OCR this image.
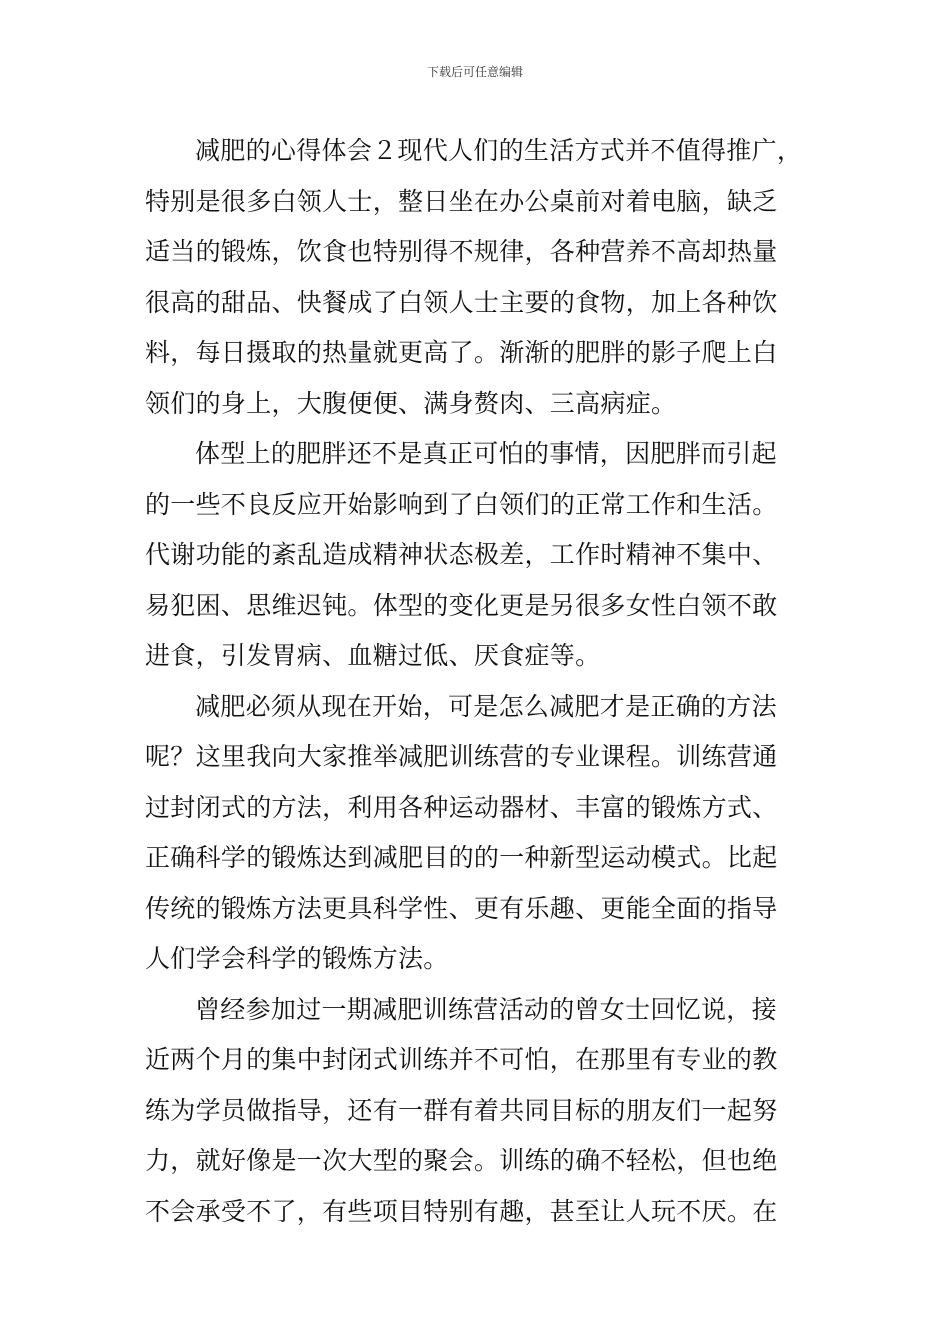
下载后可任意编辑
减肥的心得体会２现代人们的生活方式并不值得推广，
特别是很多白领人士，整日坐在办公桌前对着电脑，缺乏
适当的锻炼，饮食也特别得不规律，各种营养不高却热量
很高的甜品、快餐成了白领人士主要的食物，加上各种饮
料，每日摄取的热量就更高了。渐渐的肥胖的影子爬上白
领们的身上，大腹便便、满身赘肉、三高病症。
体型上的肥胖还不是真正可怕的事情，因肥胖而引起
的一些不良反应开始影响到了白领们的正常工作和生活。
代谢功能的紊乱造成精神状态极差，工作时精神不集中、
易犯困、思维迟钝。体型的变化更是另很多女性白领不敢
进食，引发胃病、血糖过低、厌食症等。
减肥必须从现在开始，可是怎么减肥才是正确的方法
呢？这里我向大家推举减肥训练营的专业课程。训练营通
过封闭式的方法，利用各种运动器材、丰富的锻炼方式、
正确科学的锻炼达到减肥目的的一种新型运动模式。比起
传统的锻炼方法更具科学性、更有乐趣、更能全面的指导
人们学会科学的锻炼方法。
曾经参加过一期减肥训练营活动的曾女士回忆说，接
近两个月的集中封闭式训练并不可怕，在那里有专业的教
练为学员做指导，还有一群有着共同目标的朋友们一起努
力，就好像是一次大型的聚会。训练的确不轻松，但也绝
不会承受不了，有些项目特别有趣，甚至让人玩不厌。在
